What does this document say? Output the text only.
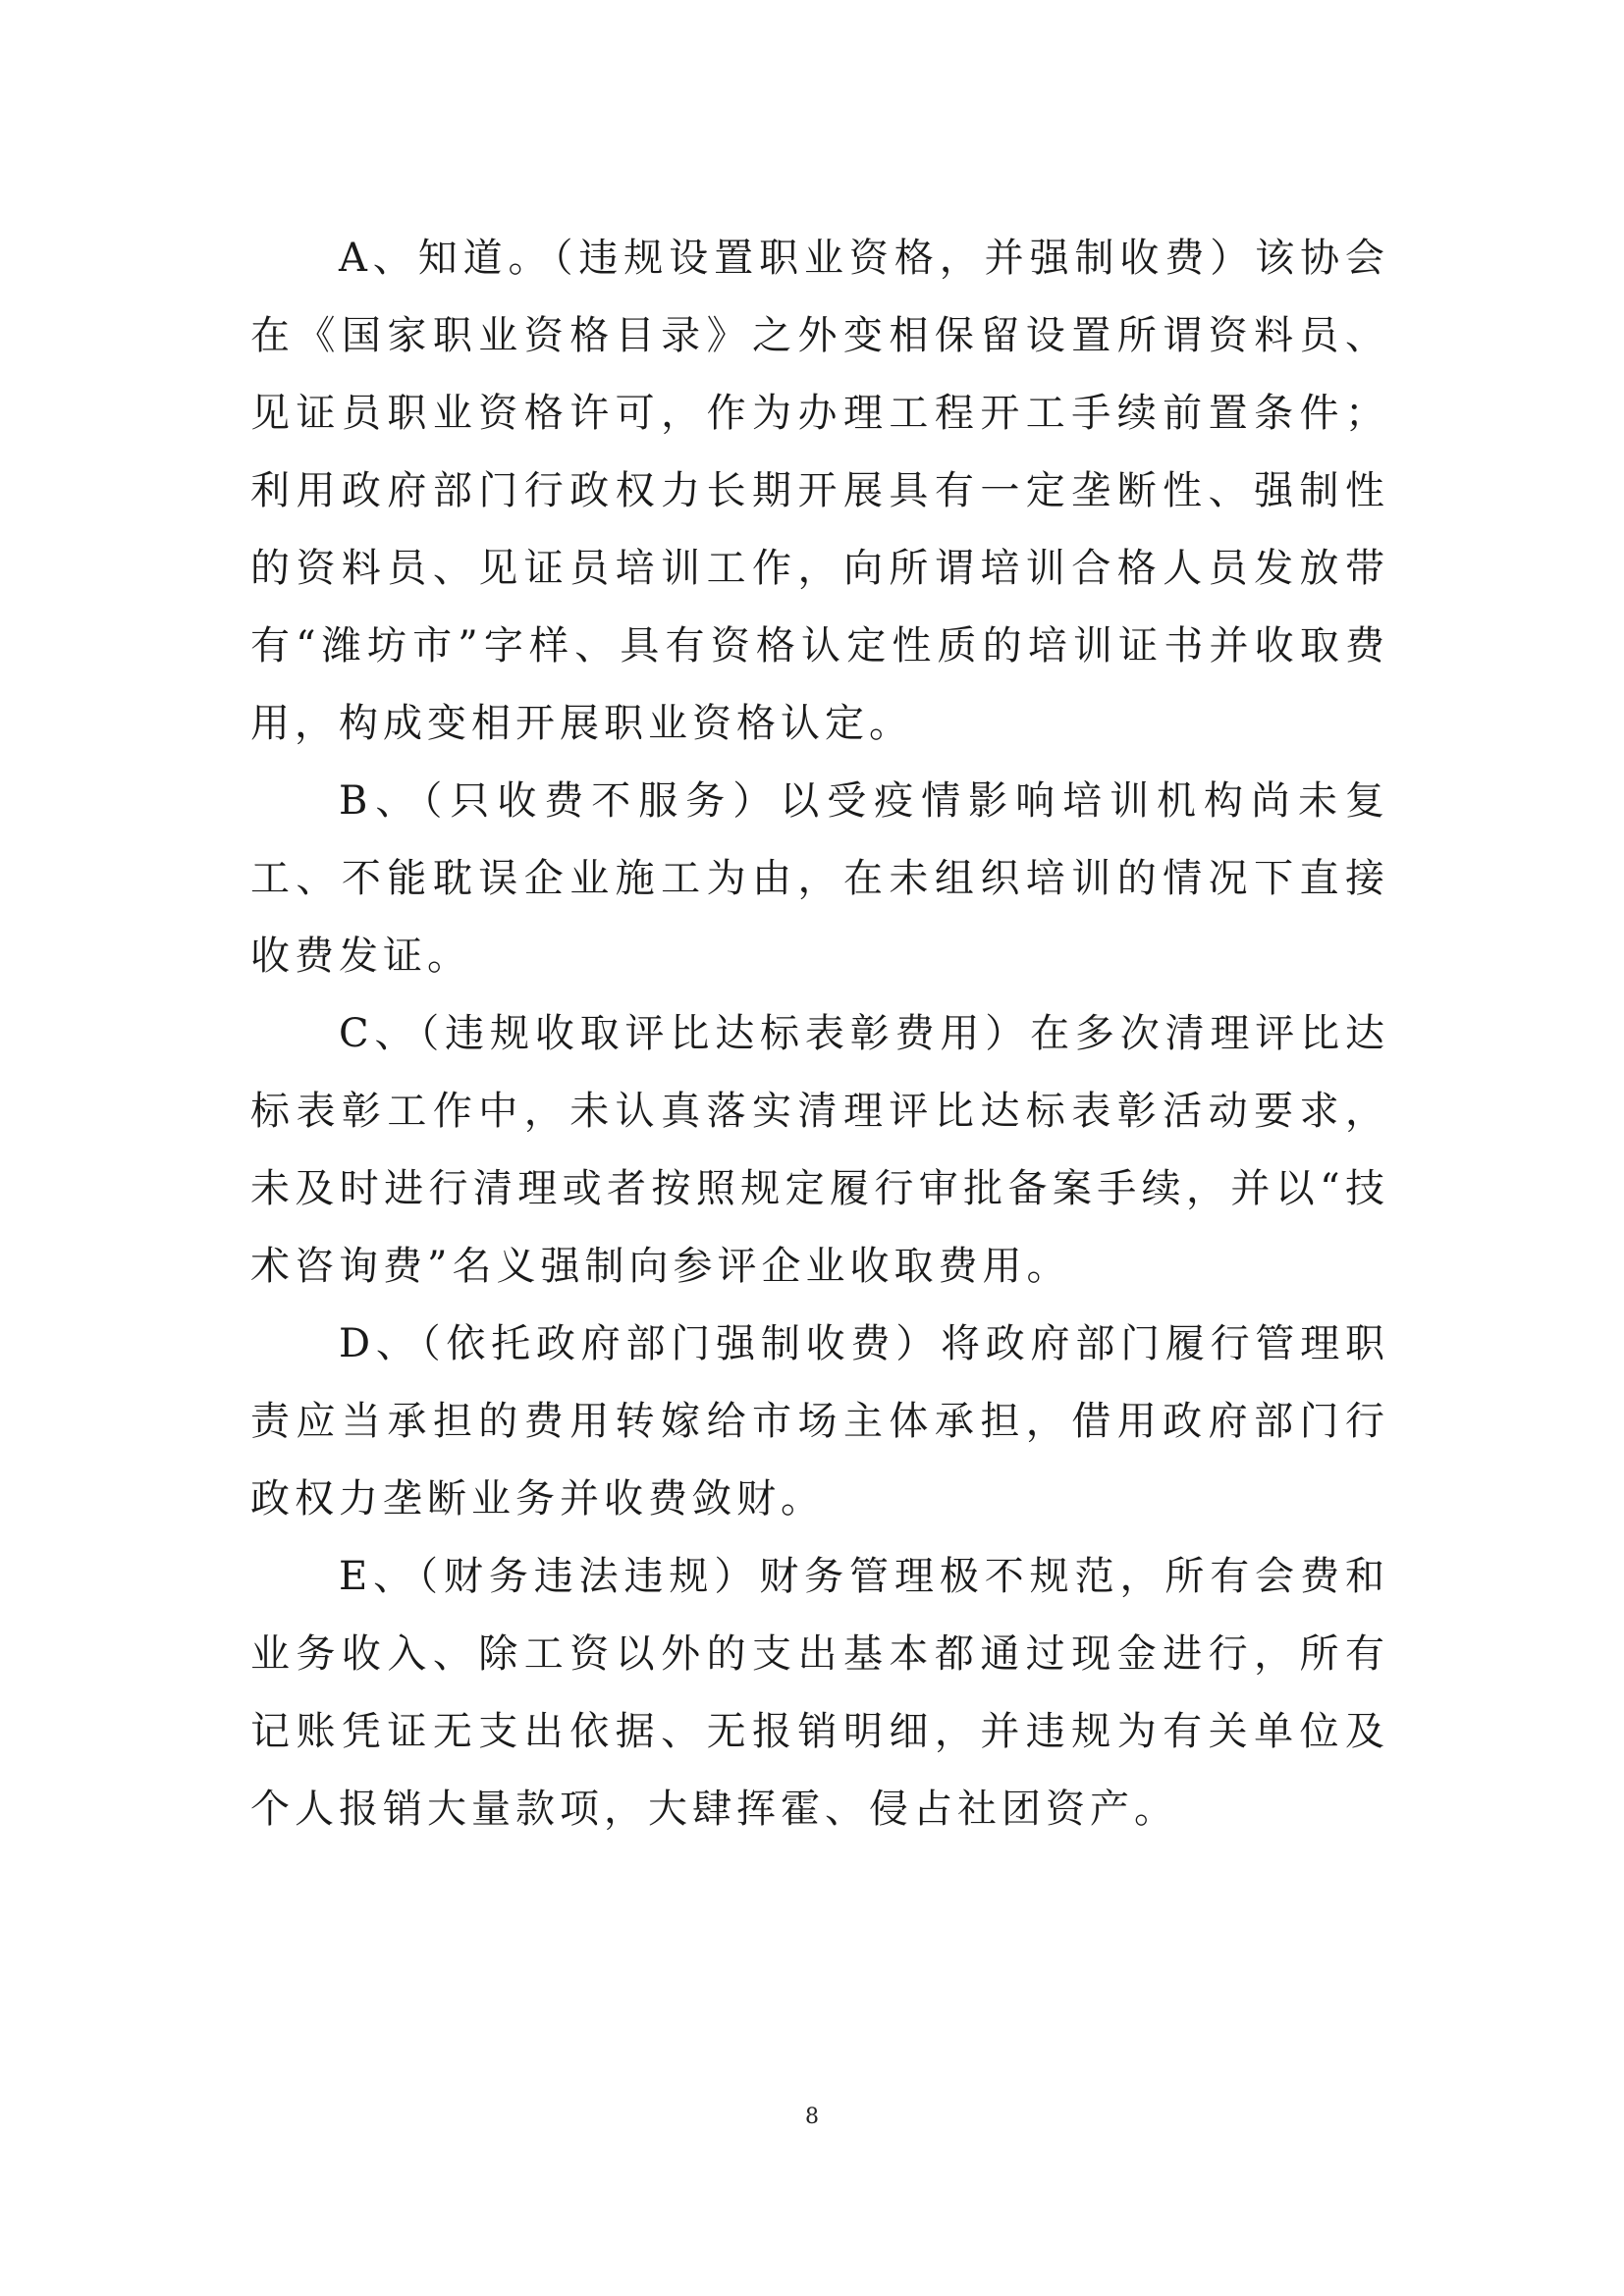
A、知道。（违规设置职业资格，并强制收费）该协会在《国家职业资格目录》之外变相保留设置所谓资料员、见证员职业资格许可，作为办理工程开工手续前置条件；利用政府部门行政权力长期开展具有一定垄断性、强制性的资料员、见证员培训工作，向所谓培训合格人员发放带有“潍坊市”字样、具有资格认定性质的培训证书并收取费用，构成变相开展职业资格认定。

B、（只收费不服务）以受疫情影响培训机构尚未复工、不能耽误企业施工为由，在未组织培训的情况下直接收费发证。

C、（违规收取评比达标表彰费用）在多次清理评比达标表彰工作中，未认真落实清理评比达标表彰活动要求，未及时进行清理或者按照规定履行审批备案手续，并以“技术咨询费”名义强制向参评企业收取费用。

D、（依托政府部门强制收费）将政府部门履行管理职责应当承担的费用转嫁给市场主体承担，借用政府部门行政权力垄断业务并收费敛财。

E、（财务违法违规）财务管理极不规范，所有会费和业务收入、除工资以外的支出基本都通过现金进行，所有记账凭证无支出依据、无报销明细，并违规为有关单位及个人报销大量款项，大肆挥霍、侵占社团资产。

8
